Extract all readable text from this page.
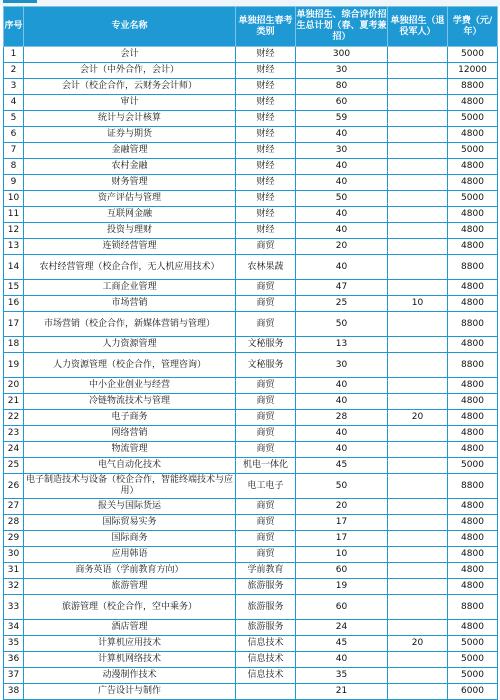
序号	专业名称	单独招生春考类别	单独招生、综合评价招生总计划（春、夏考兼招）	单独招生（退役军人）	学费（元/年）
1	会计	财经	300		5000
2	会计（中外合作，会计）	财经	30		12000
3	会计（校企合作，云财务会计师）	财经	80		8800
4	审计	财经	60		4800
5	统计与会计核算	财经	59		5000
6	证券与期货	财经	40		4800
7	金融管理	财经	30		5000
8	农村金融	财经	40		4800
9	财务管理	财经	40		4800
10	资产评估与管理	财经	50		5000
11	互联网金融	财经	40		4800
12	投资与理财	财经	40		4800
13	连锁经营管理	商贸	20		4800
14	农村经营管理（校企合作，无人机应用技术）	农林果蔬	40		8800
15	工商企业管理	商贸	47		4800
16	市场营销	商贸	25	10	4800
17	市场营销（校企合作，新媒体营销与管理）	商贸	50		8800
18	人力资源管理	文秘服务	13		4800
19	人力资源管理（校企合作，管理咨询）	文秘服务	30		8800
20	中小企业创业与经营	商贸	40		4800
21	冷链物流技术与管理	商贸	40		4800
22	电子商务	商贸	28	20	4800
23	网络营销	商贸	40		4800
24	物流管理	商贸	40		4800
25	电气自动化技术	机电一体化	45		5000
26	电子制造技术与设备（校企合作，智能终端技术与应用）	电工电子	50		8800
27	报关与国际货运	商贸	20		4800
28	国际贸易实务	商贸	17		4800
29	国际商务	商贸	17		4800
30	应用韩语	商贸	10		4800
31	商务英语（学前教育方向）	学前教育	60		4800
32	旅游管理	旅游服务	19		4800
33	旅游管理（校企合作，空中乘务）	旅游服务	60		8800
34	酒店管理	旅游服务	24		4800
35	计算机应用技术	信息技术	45	20	5000
36	计算机网络技术	信息技术	40		5000
37	动漫制作技术	信息技术	35		5000
38	广告设计与制作		21		6000
